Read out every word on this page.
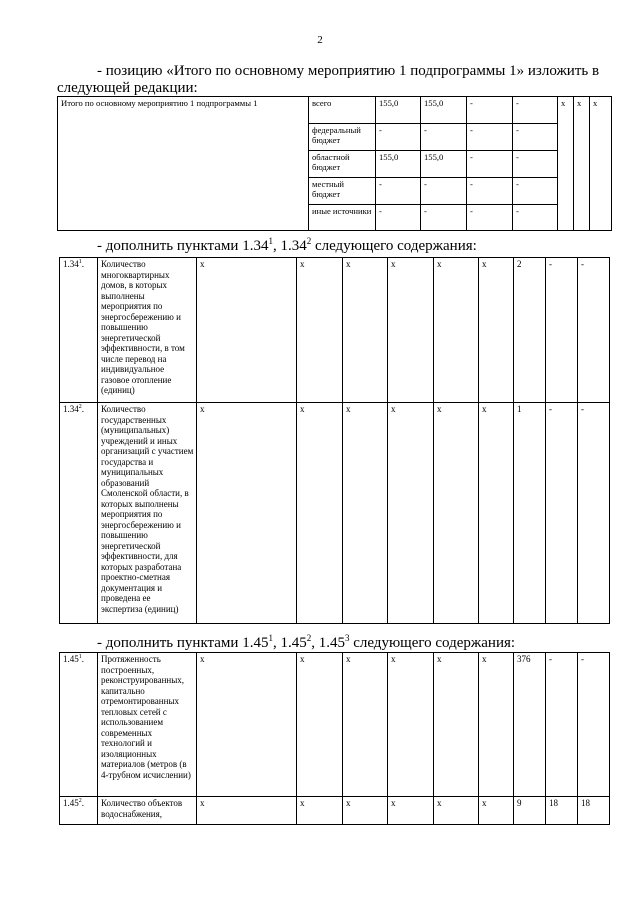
2
- позицию «Итого по основному мероприятию 1 подпрограммы 1» изложить в
следующей редакции:
Итого по основному мероприятию 1 подпрограммы 1	всего	155,0	155,0	-	-	x	x	x
	федеральный бюджет	-	-	-	-			
	областной бюджет	155,0	155,0	-	-			
	местный бюджет	-	-	-	-			
	иные источники	-	-	-	-			
- дополнить пунктами 1.34$^1$, 1.34$^2$ следующего содержания:
1.34$^1$.	Количество многоквартирных домов, в которых выполнены мероприятия по энергосбережению и повышению энергетической эффективности, в том числе перевод на индивидуальное газовое отопление (единиц)	x	x	x	x	x	x	2	-	-
1.34$^2$.	Количество государственных (муниципальных) учреждений и иных организаций с участием государства и муниципальных образований Смоленской области, в которых выполнены мероприятия по энергосбережению и повышению энергетической эффективности, для которых разработана проектно-сметная документация и проведена ее экспертиза (единиц)	x	x	x	x	x	x	1	-	-
- дополнить пунктами 1.45$^1$, 1.45$^2$, 1.45$^3$ следующего содержания:
1.45$^1$.	Протяженность построенных, реконструированных, капитально отремонтированных тепловых сетей с использованием современных технологий и изоляционных материалов (метров (в 4-трубном исчислении)	x	x	x	x	x	x	376	-	-
1.45$^2$.	Количество объектов водоснабжения,	x	x	x	x	x	x	9	18	18
